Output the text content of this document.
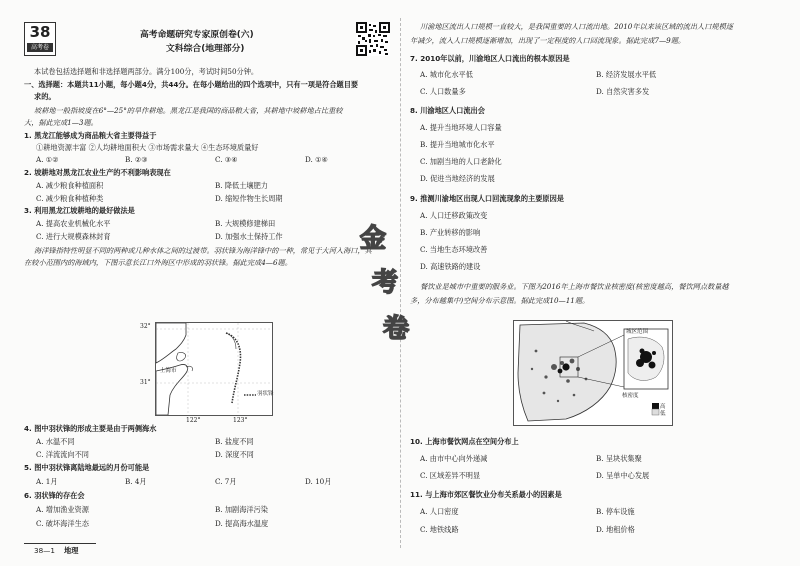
38
高考卷
高考命题研究专家原创卷(六)
文科综合(地理部分)
本试卷包括选择题和非选择题两部分。满分100分，考试时间50分钟。
一、选择题：本题共11小题，每小题4分，共44分。在每小题给出的四个选项中，只有一项是符合题目要
求的。
坡耕地一般指坡度在6°—25°的旱作耕地。黑龙江是我国的商品粮大省，其耕地中坡耕地占比重较
大，据此完成1—3题。
1. 黑龙江能够成为商品粮大省主要得益于
①耕地资源丰富 ②人均耕地面积大 ③市场需求量大 ④生态环境质量好
A. ①②	B. ②③	C. ③④	D. ①④
2. 坡耕地对黑龙江农业生产的不利影响表现在
A. 减少粮食种植面积	B. 降低土壤肥力
C. 减少粮食种植种类	D. 缩短作物生长周期
3. 利用黑龙江坡耕地的最好做法是
A. 提高农业机械化水平	B. 大规模修建梯田
C. 进行大规模森林封育	D. 加强水土保持工作
海洋锋指特性明显不同的两种或几种水体之间的过渡带。羽状锋为海洋锋中的一种，常见于大河入海口，其
在较小范围内的海域内，下图示意长江口外海区中形成的羽状锋。据此完成4—6题。
32°
31°
122°	123°
上海市
羽状锋
4. 图中羽状锋的形成主要是由于两侧海水
A. 水温不同	B. 盐度不同
C. 洋流流向不同	D. 深度不同
5. 图中羽状锋离陆地最远的月份可能是
A. 1月	B. 4月	C. 7月	D. 10月
6. 羽状锋的存在会
A. 增加渔业资源	B. 加剧海洋污染
C. 破坏海洋生态	D. 提高海水温度
38—1 地理
金
考
卷
川渝地区流出人口规模一直较大，是我国重要的人口流出地。2010年以来该区域的流出人口规模逐
年减少，流入人口规模逐渐增加，出现了一定程度的人口回流现象。据此完成7—9题。
7. 2010年以前，川渝地区人口流出的根本原因是
A. 城市化水平低	B. 经济发展水平低
C. 人口数量多	D. 自然灾害多发
8. 川渝地区人口流出会
A. 提升当地环境人口容量
B. 提升当地城市化水平
C. 加剧当地的人口老龄化
D. 促进当地经济的发展
9. 推测川渝地区出现人口回流现象的主要原因是
A. 人口迁移政策改变
B. 产业转移的影响
C. 当地生态环境改善
D. 高速铁路的建设
餐饮业是城市中重要的服务业。下图为2016年上海市餐饮业核密度(核密度越高，餐饮网点数量越
多，分布越集中)空间分布示意图。据此完成10—11题。
城区范围
核密度
高
低
10. 上海市餐饮网点在空间分布上
A. 由市中心向外递减	B. 呈块状集聚
C. 区域差异不明显	D. 呈单中心发展
11. 与上海市郊区餐饮业分布关系最小的因素是
A. 人口密度	B. 停车设施
C. 地铁线路	D. 地租价格
